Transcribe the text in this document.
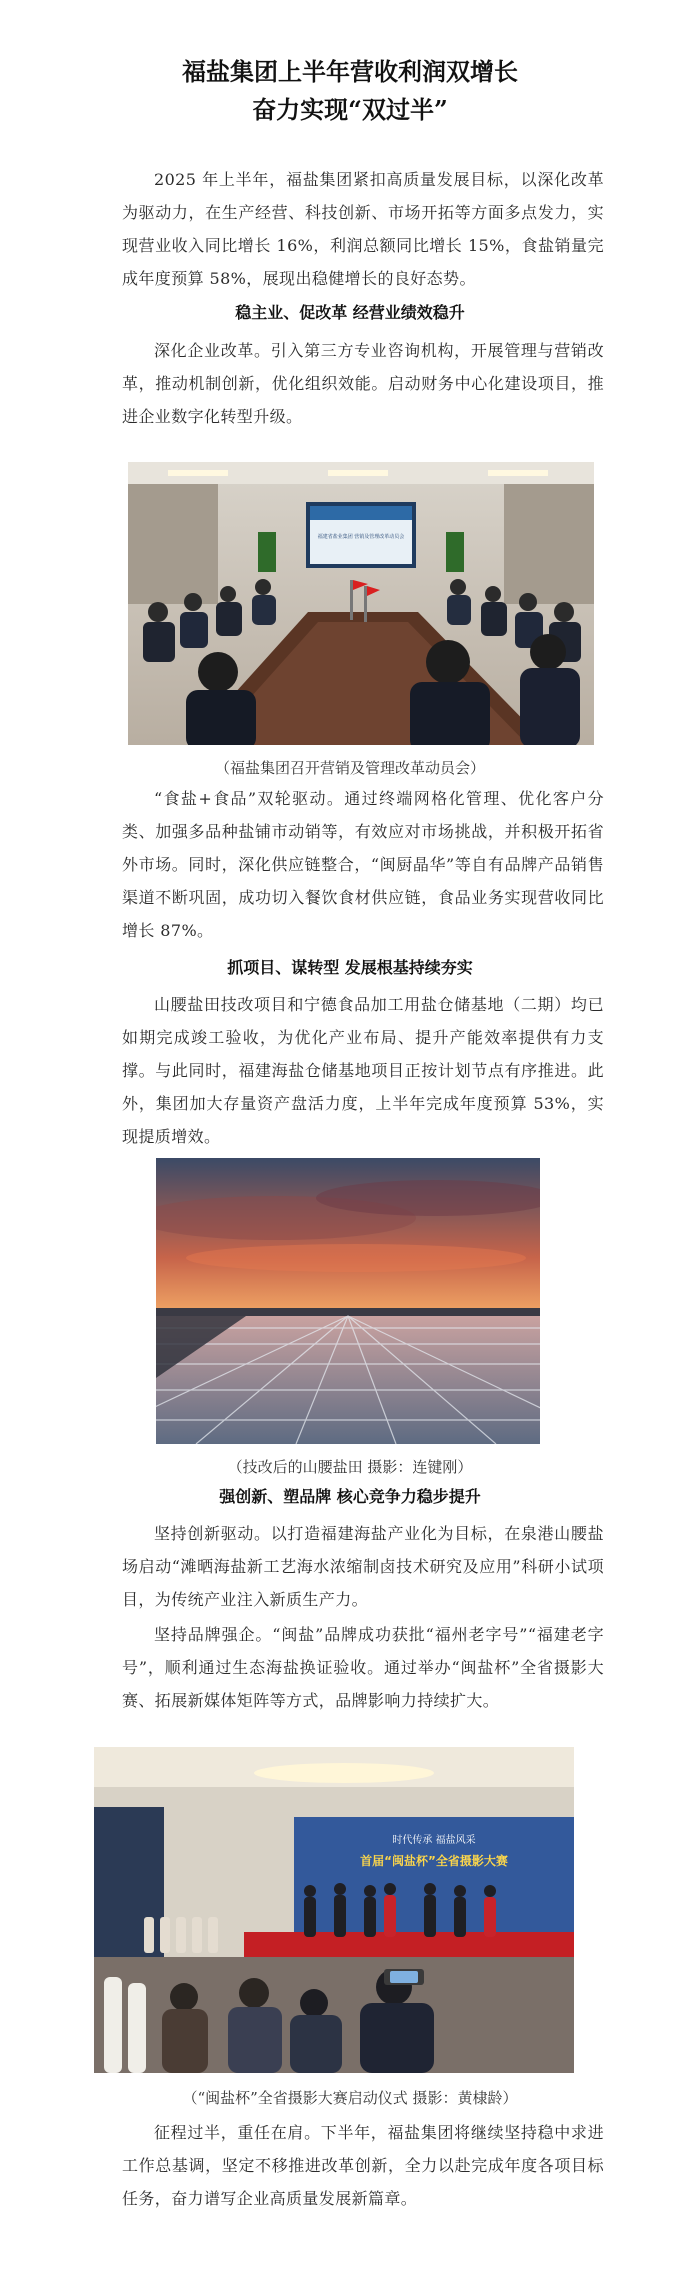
福盐集团上半年营收利润双增长
奋力实现“双过半”

2025 年上半年，福盐集团紧扣高质量发展目标，以深化改革为驱动力，在生产经营、科技创新、市场开拓等方面多点发力，实现营业收入同比增长 16%，利润总额同比增长 15%，食盐销量完成年度预算 58%，展现出稳健增长的良好态势。

稳主业、促改革 经营业绩效稳升

深化企业改革。引入第三方专业咨询机构，开展管理与营销改革，推动机制创新，优化组织效能。启动财务中心化建设项目，推进企业数字化转型升级。

福建省盐业集团 营销及管理改革动员会
（福盐集团召开营销及管理改革动员会）

“食盐+食品”双轮驱动。通过终端网格化管理、优化客户分类、加强多品种盐铺市动销等，有效应对市场挑战，并积极开拓省外市场。同时，深化供应链整合，“闽厨晶华”等自有品牌产品销售渠道不断巩固，成功切入餐饮食材供应链，食品业务实现营收同比增长 87%。

抓项目、谋转型 发展根基持续夯实

山腰盐田技改项目和宁德食品加工用盐仓储基地（二期）均已如期完成竣工验收，为优化产业布局、提升产能效率提供有力支撑。与此同时，福建海盐仓储基地项目正按计划节点有序推进。此外，集团加大存量资产盘活力度，上半年完成年度预算 53%，实现提质增效。

（技改后的山腰盐田 摄影：连键刚）
强创新、塑品牌 核心竞争力稳步提升

坚持创新驱动。以打造福建海盐产业化为目标，在泉港山腰盐场启动“滩晒海盐新工艺海水浓缩制卤技术研究及应用”科研小试项目，为传统产业注入新质生产力。

坚持品牌强企。“闽盐”品牌成功获批“福州老字号”“福建老字号”，顺利通过生态海盐换证验收。通过举办“闽盐杯”全省摄影大赛、拓展新媒体矩阵等方式，品牌影响力持续扩大。

时代传承 福盐风采
首届“闽盐杯”全省摄影大赛
（“闽盐杯”全省摄影大赛启动仪式 摄影：黄棣龄）

征程过半，重任在肩。下半年，福盐集团将继续坚持稳中求进工作总基调，坚定不移推进改革创新，全力以赴完成年度各项目标任务，奋力谱写企业高质量发展新篇章。
